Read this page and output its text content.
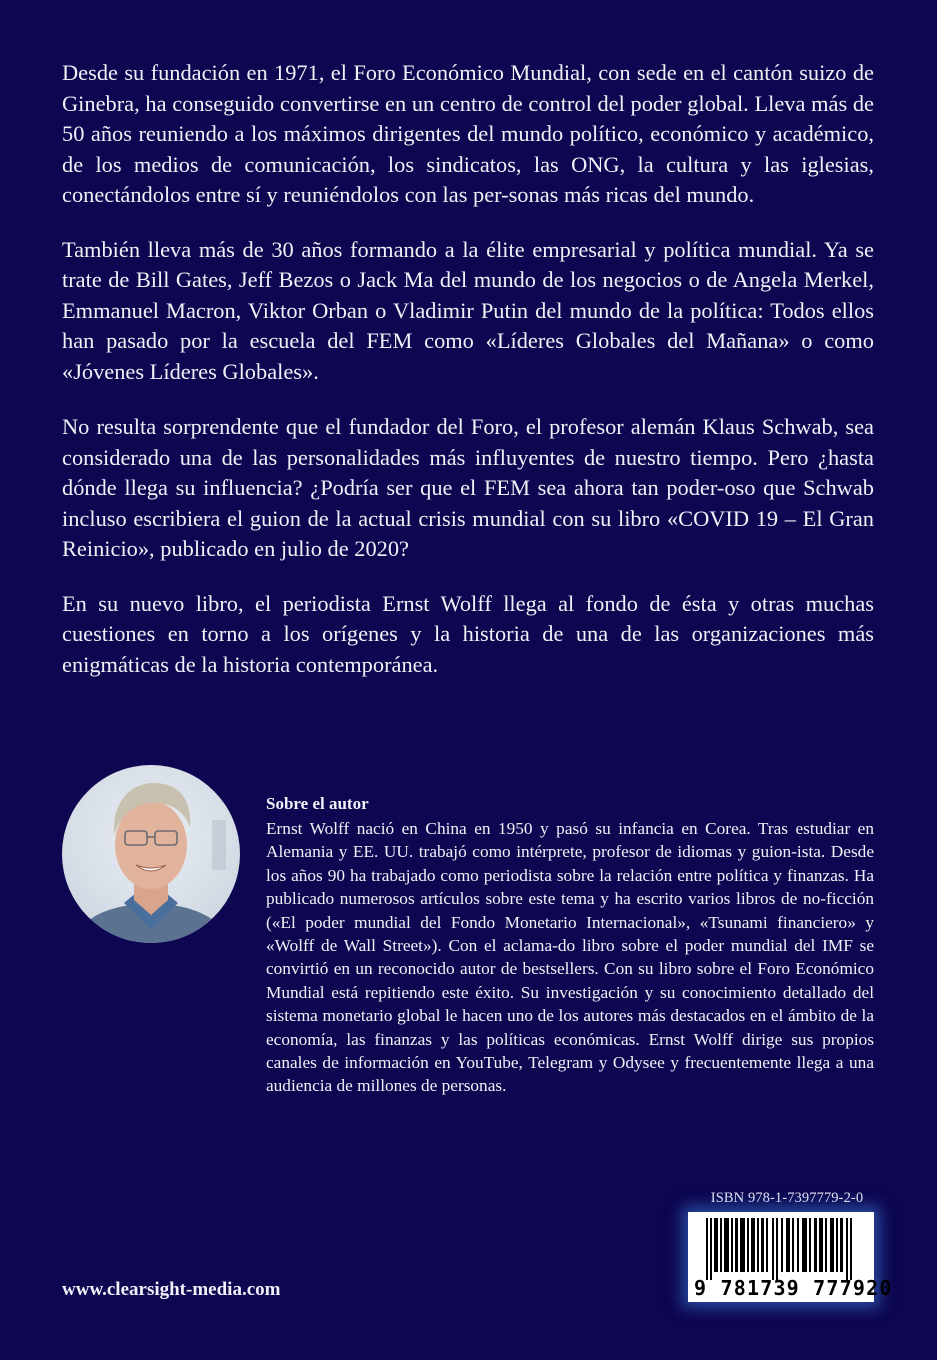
Desde su fundación en 1971, el Foro Económico Mundial, con sede en el cantón suizo de Ginebra, ha conseguido convertirse en un centro de control del poder global. Lleva más de 50 años reuniendo a los máximos dirigentes del mundo político, económico y académico, de los medios de comunicación, los sindicatos, las ONG, la cultura y las iglesias, conectándolos entre sí y reuniéndolos con las per-sonas más ricas del mundo.

También lleva más de 30 años formando a la élite empresarial y política mundial. Ya se trate de Bill Gates, Jeff Bezos o Jack Ma del mundo de los negocios o de Angela Merkel, Emmanuel Macron, Viktor Orban o Vladimir Putin del mundo de la política: Todos ellos han pasado por la escuela del FEM como «Líderes Globales del Mañana» o como «Jóvenes Líderes Globales».

No resulta sorprendente que el fundador del Foro, el profesor alemán Klaus Schwab, sea considerado una de las personalidades más influyentes de nuestro tiempo. Pero ¿hasta dónde llega su influencia? ¿Podría ser que el FEM sea ahora tan poder-oso que Schwab incluso escribiera el guion de la actual crisis mundial con su libro «COVID 19 – El Gran Reinicio», publicado en julio de 2020?

En su nuevo libro, el periodista Ernst Wolff llega al fondo de ésta y otras muchas cuestiones en torno a los orígenes y la historia de una de las organizaciones más enigmáticas de la historia contemporánea.

Sobre el autor

Ernst Wolff nació en China en 1950 y pasó su infancia en Corea. Tras estudiar en Alemania y EE. UU. trabajó como intérprete, profesor de idiomas y guion-ista. Desde los años 90 ha trabajado como periodista sobre la relación entre política y finanzas. Ha publicado numerosos artículos sobre este tema y ha escrito varios libros de no-ficción («El poder mundial del Fondo Monetario Internacional», «Tsunami financiero» y «Wolff de Wall Street»). Con el aclama-do libro sobre el poder mundial del IMF se convirtió en un reconocido autor de bestsellers. Con su libro sobre el Foro Económico Mundial está repitiendo este éxito. Su investigación y su conocimiento detallado del sistema monetario global le hacen uno de los autores más destacados en el ámbito de la economía, las finanzas y las políticas económicas. Ernst Wolff dirige sus propios canales de información en YouTube, Telegram y Odysee y frecuentemente llega a una audiencia de millones de personas.

ISBN 978-1-7397779-2-0
9 781739 777920
www.clearsight-media.com
